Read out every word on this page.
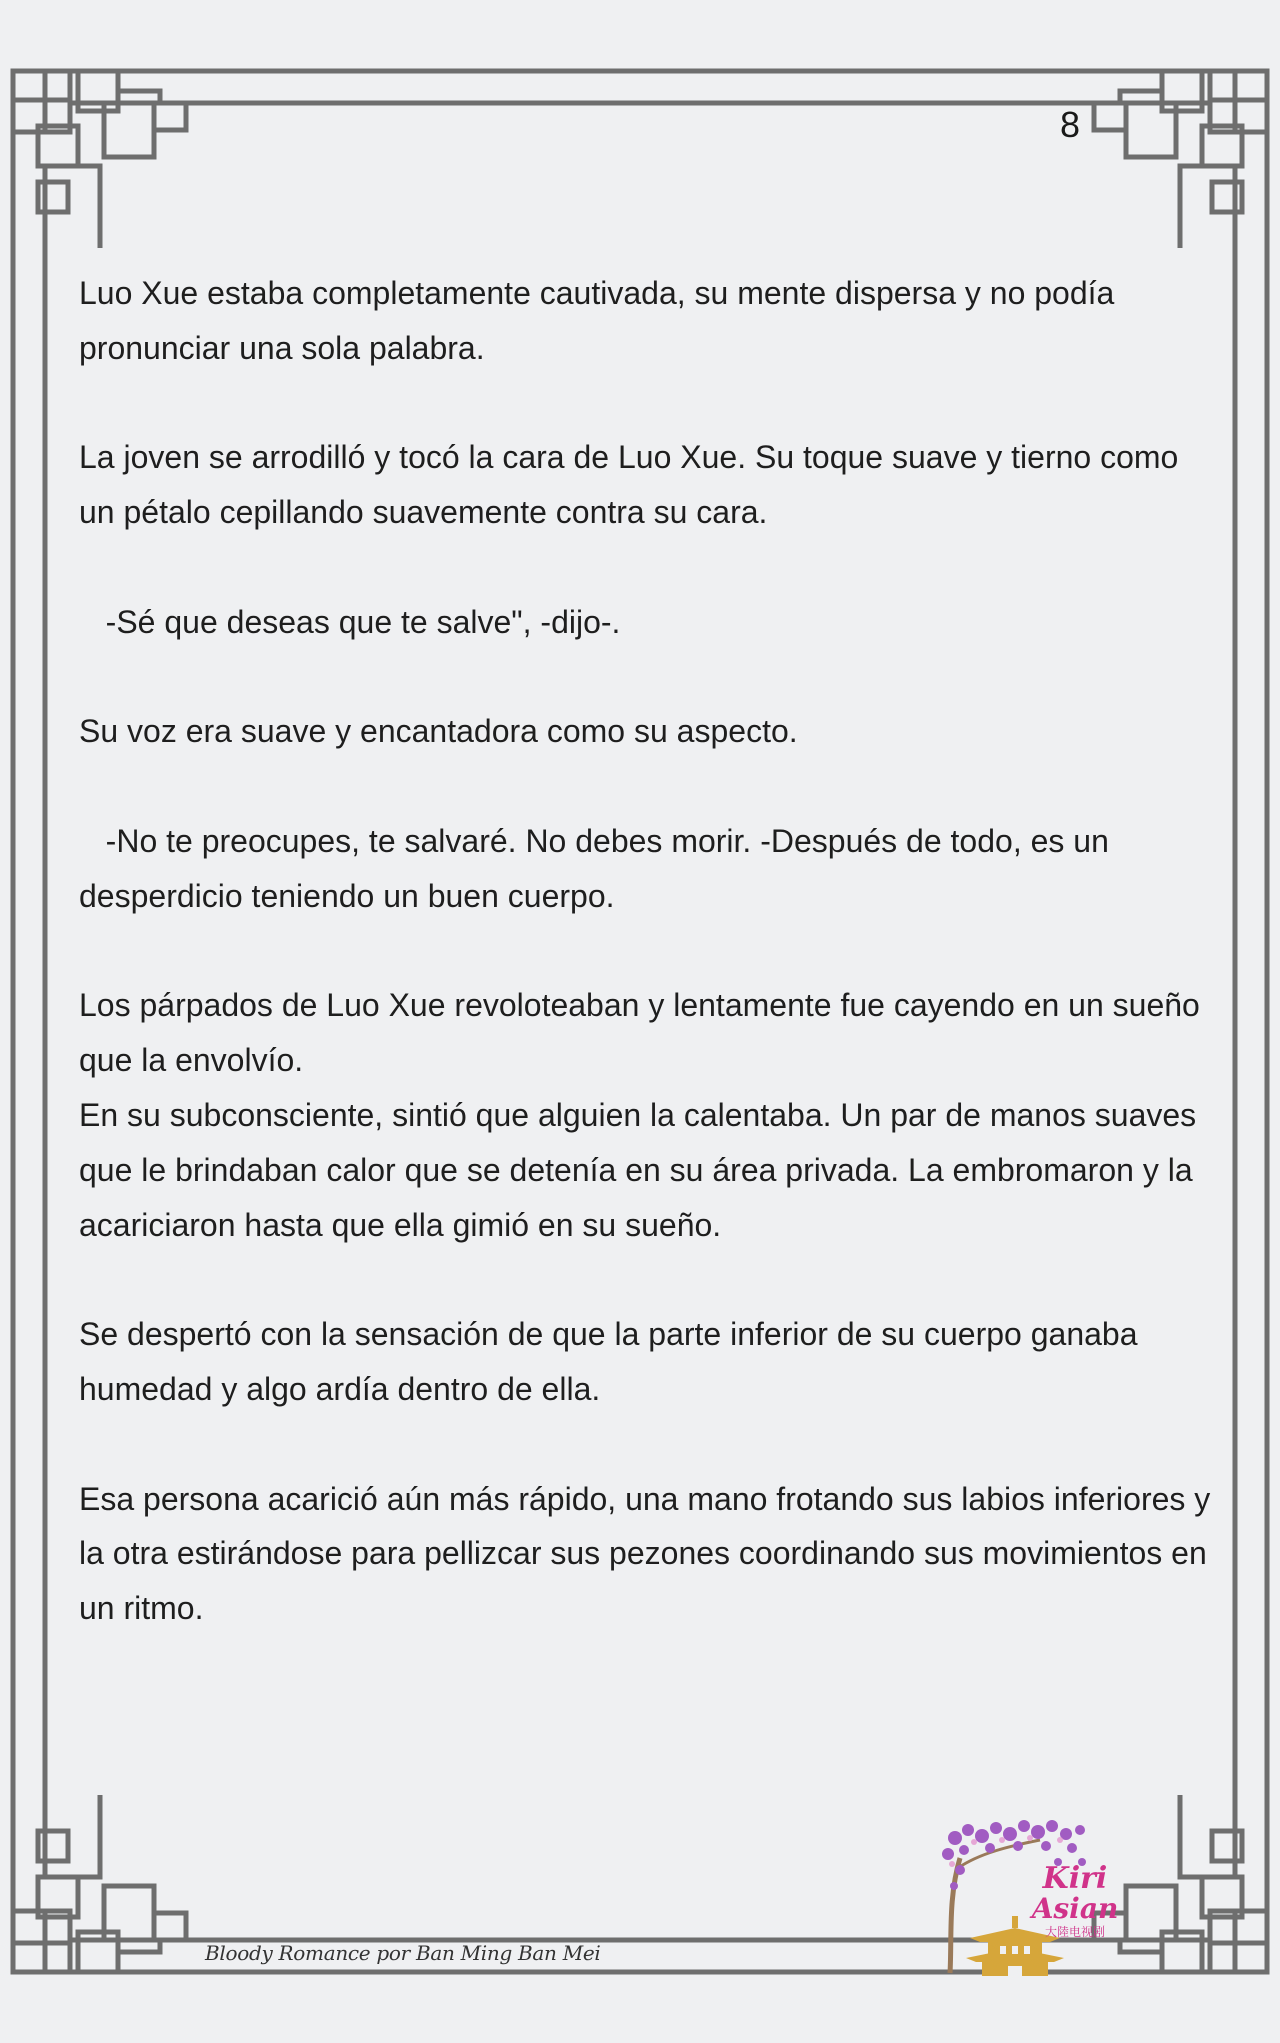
8

Luo Xue estaba completamente cautivada, su mente dispersa y no podía pronunciar una sola palabra.

La joven se arrodilló y tocó la cara de Luo Xue. Su toque suave y tierno como un pétalo cepillando suavemente contra su cara.

-Sé que deseas que te salve", -dijo-.

Su voz era suave y encantadora como su aspecto.

-No te preocupes, te salvaré. No debes morir. -Después de todo, es un desperdicio teniendo un buen cuerpo.

Los párpados de Luo Xue revoloteaban y lentamente fue cayendo en un sueño que la envolvío.

En su subconsciente, sintió que alguien la calentaba. Un par de manos suaves que le brindaban calor que se detenía en su área privada. La embromaron y la acariciaron hasta que ella gimió en su sueño.

Se despertó con la sensación de que la parte inferior de su cuerpo ganaba humedad y algo ardía dentro de ella.

Esa persona acarició aún más rápido, una mano frotando sus labios inferiores y la otra estirándose para pellizcar sus pezones coordinando sus movimientos en un ritmo.

Bloody Romance por Ban Ming Ban Mei
Kiri
Asian
大陸电视剧
